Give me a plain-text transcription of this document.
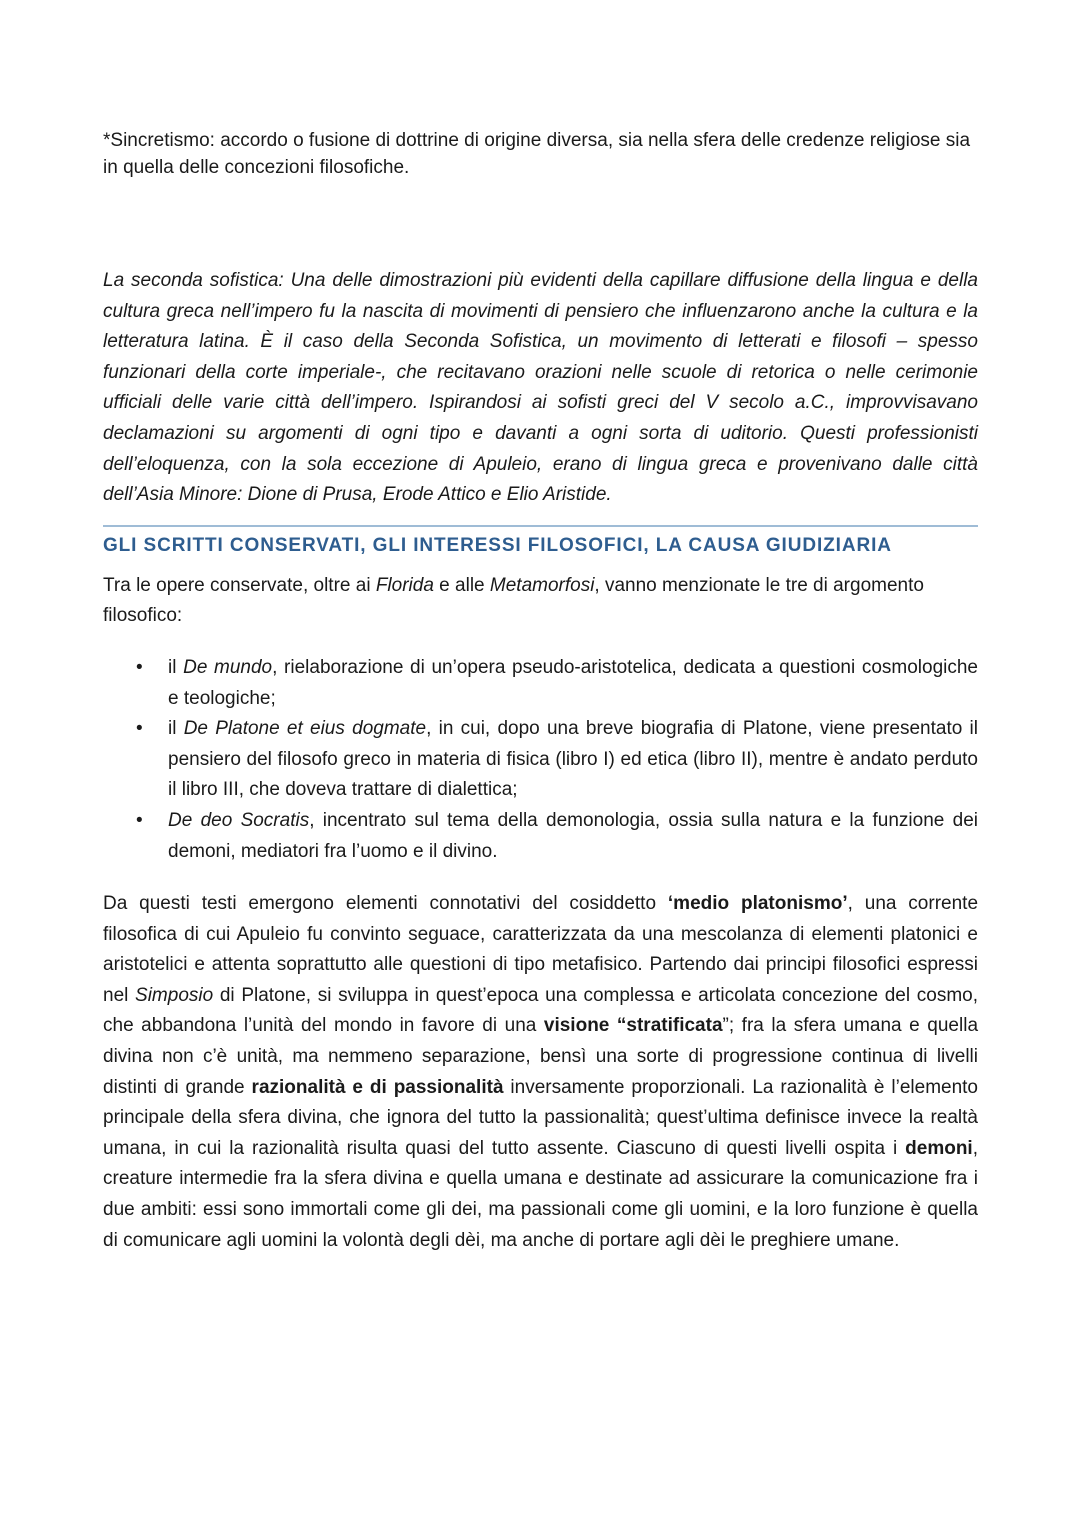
*Sincretismo: accordo o fusione di dottrine di origine diversa, sia nella sfera delle credenze religiose sia in quella delle concezioni filosofiche.

La seconda sofistica: Una delle dimostrazioni più evidenti della capillare diffusione della lingua e della cultura greca nell’impero fu la nascita di movimenti di pensiero che influenzarono anche la cultura e la letteratura latina. È il caso della Seconda Sofistica, un movimento di letterati e filosofi – spesso funzionari della corte imperiale-, che recitavano orazioni nelle scuole di retorica o nelle cerimonie ufficiali delle varie città dell’impero. Ispirandosi ai sofisti greci del V secolo a.C., improvvisavano declamazioni su argomenti di ogni tipo e davanti a ogni sorta di uditorio. Questi professionisti dell’eloquenza, con la sola eccezione di Apuleio, erano di lingua greca e provenivano dalle città dell’Asia Minore: Dione di Prusa, Erode Attico e Elio Aristide.

GLI SCRITTI CONSERVATI, GLI INTERESSI FILOSOFICI, LA CAUSA GIUDIZIARIA

Tra le opere conservate, oltre ai Florida e alle Metamorfosi, vanno menzionate le tre di argomento filosofico:

• il De mundo, rielaborazione di un’opera pseudo-aristotelica, dedicata a questioni cosmologiche e teologiche;
• il De Platone et eius dogmate, in cui, dopo una breve biografia di Platone, viene presentato il pensiero del filosofo greco in materia di fisica (libro I) ed etica (libro II), mentre è andato perduto il libro III, che doveva trattare di dialettica;
• De deo Socratis, incentrato sul tema della demonologia, ossia sulla natura e la funzione dei demoni, mediatori fra l’uomo e il divino.

Da questi testi emergono elementi connotativi del cosiddetto ‘medio platonismo’, una corrente filosofica di cui Apuleio fu convinto seguace, caratterizzata da una mescolanza di elementi platonici e aristotelici e attenta soprattutto alle questioni di tipo metafisico. Partendo dai principi filosofici espressi nel Simposio di Platone, si sviluppa in quest’epoca una complessa e articolata concezione del cosmo, che abbandona l’unità del mondo in favore di una visione “stratificata”; fra la sfera umana e quella divina non c’è unità, ma nemmeno separazione, bensì una sorte di progressione continua di livelli distinti di grande razionalità e di passionalità inversamente proporzionali. La razionalità è l’elemento principale della sfera divina, che ignora del tutto la passionalità; quest’ultima definisce invece la realtà umana, in cui la razionalità risulta quasi del tutto assente. Ciascuno di questi livelli ospita i demoni, creature intermedie fra la sfera divina e quella umana e destinate ad assicurare la comunicazione fra i due ambiti: essi sono immortali come gli dei, ma passionali come gli uomini, e la loro funzione è quella di comunicare agli uomini la volontà degli dèi, ma anche di portare agli dèi le preghiere umane.
